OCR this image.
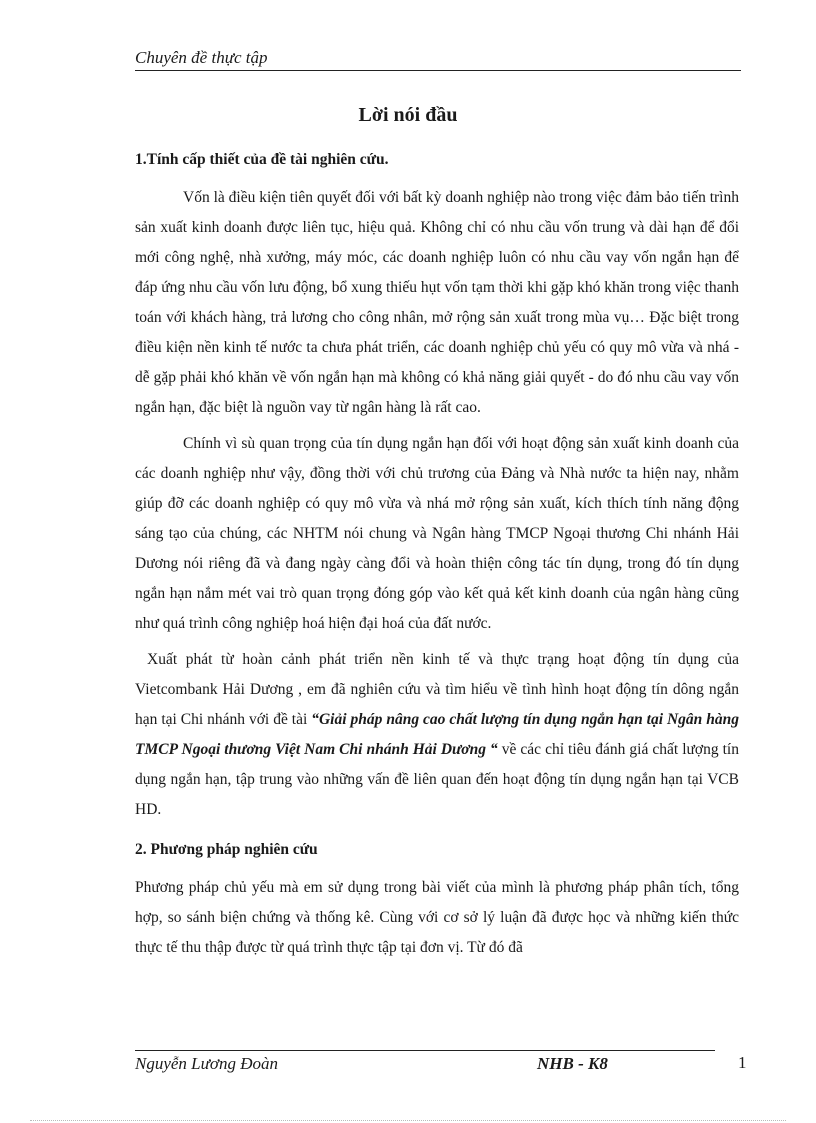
Chuyên đề thực tập
Lời nói đầu
1.Tính cấp thiết của đề tài nghiên cứu.

Vốn là điều kiện tiên quyết đối với bất kỳ doanh nghiệp nào trong việc đảm bảo tiến trình sản xuất kinh doanh được liên tục, hiệu quả. Không chỉ có nhu cầu vốn trung và dài hạn để đổi mới công nghệ, nhà xưởng, máy móc, các doanh nghiệp luôn có nhu cầu vay vốn ngắn hạn để đáp ứng nhu cầu vốn lưu động, bổ xung thiếu hụt vốn tạm thời khi gặp khó khăn trong việc thanh toán với khách hàng, trả lương cho công nhân, mở rộng sản xuất trong mùa vụ… Đặc biệt trong điều kiện nền kinh tế nước ta chưa phát triển, các doanh nghiệp chủ yếu có quy mô vừa và nhá - dễ gặp phải khó khăn về vốn ngắn hạn mà không có khả năng giải quyết - do đó nhu cầu vay vốn ngắn hạn, đặc biệt là nguồn vay từ ngân hàng là rất cao.

Chính vì sù quan trọng của tín dụng ngắn hạn đối với hoạt động sản xuất kinh doanh của các doanh nghiệp như vậy, đồng thời với chủ trương của Đảng và Nhà nước ta hiện nay, nhằm giúp đỡ các doanh nghiệp có quy mô vừa và nhá mở rộng sản xuất, kích thích tính năng động sáng tạo của chúng, các NHTM nói chung và Ngân hàng TMCP Ngoại thương Chi nhánh Hải Dương nói riêng đã và đang ngày càng đổi và hoàn thiện công tác tín dụng, trong đó tín dụng ngắn hạn nắm mét vai trò quan trọng đóng góp vào kết quả kết kinh doanh của ngân hàng cũng như quá trình công nghiệp hoá hiện đại hoá của đất nước.

Xuất phát từ hoàn cảnh phát triển nền kinh tế và thực trạng hoạt động tín dụng của Vietcombank Hải Dương , em đã nghiên cứu và tìm hiểu về tình hình hoạt động tín dông ngắn hạn tại Chi nhánh với đề tài “Giải pháp nâng cao chất lượng tín dụng ngắn hạn tại Ngân hàng TMCP Ngoại thương Việt Nam Chi nhánh Hải Dương “ về các chỉ tiêu đánh giá chất lượng tín dụng ngắn hạn, tập trung vào những vấn đề liên quan đến hoạt động tín dụng ngắn hạn tại VCB HD.

2. Phương pháp nghiên cứu

Phương pháp chủ yếu mà em sử dụng trong bài viết của mình là phương pháp phân tích, tổng hợp, so sánh biện chứng và thống kê. Cùng với cơ sở lý luận đã được học và những kiến thức thực tế thu thập được từ quá trình thực tập tại đơn vị. Từ đó đã

Nguyễn Lương Đoàn	NHB - K8	1
